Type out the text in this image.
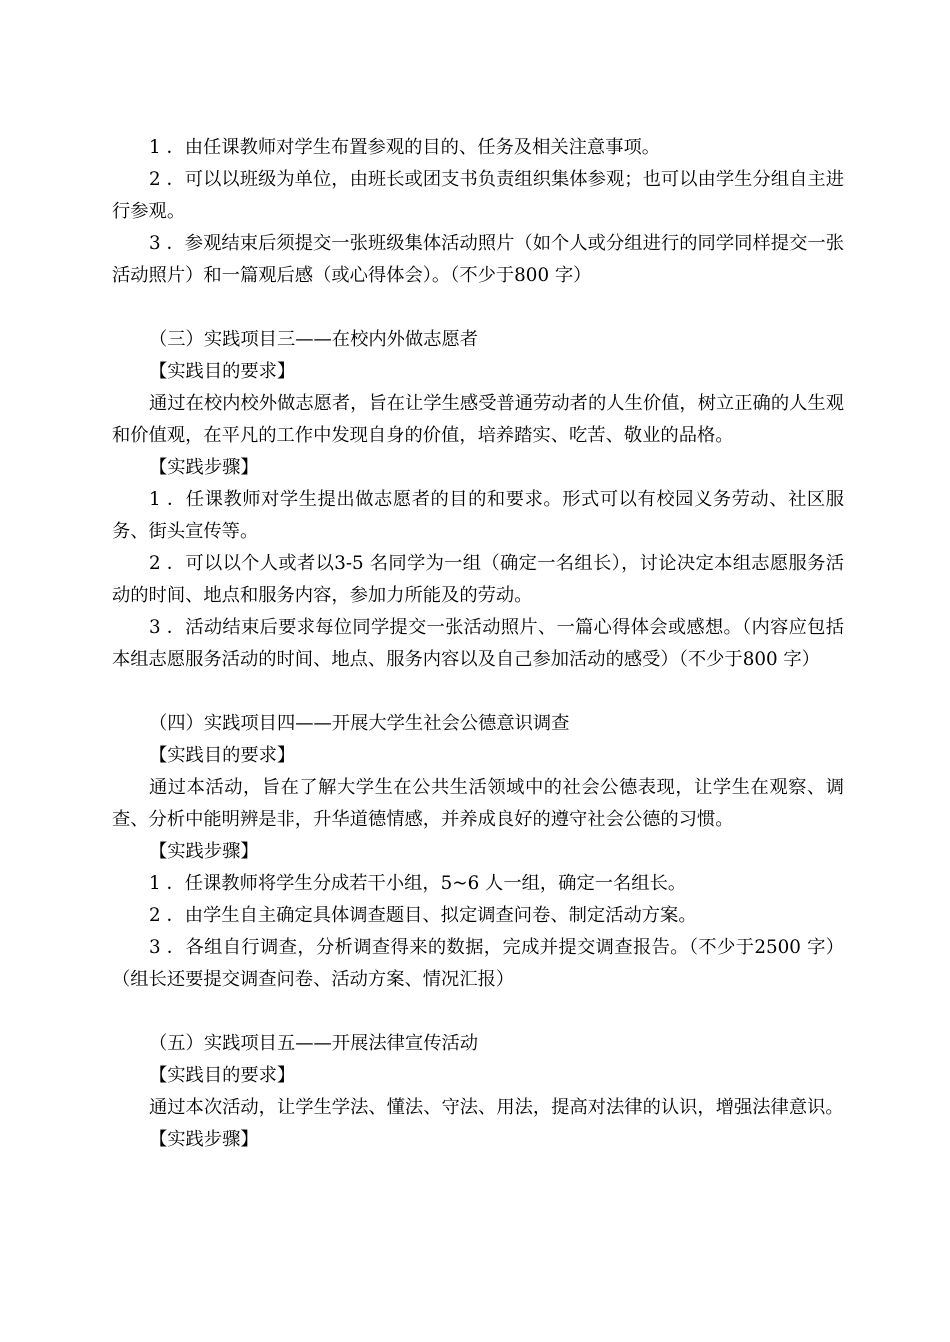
1 ．由任课教师对学生布置参观的目的、任务及相关注意事项。

2 ．可以以班级为单位，由班长或团支书负责组织集体参观；也可以由学生分组自主进行参观。

3 ．参观结束后须提交一张班级集体活动照片（如个人或分组进行的同学同样提交一张活动照片）和一篇观后感（或心得体会）。（不少于800 字）

（三）实践项目三——在校内外做志愿者

【实践目的要求】

通过在校内校外做志愿者，旨在让学生感受普通劳动者的人生价值，树立正确的人生观和价值观，在平凡的工作中发现自身的价值，培养踏实、吃苦、敬业的品格。

【实践步骤】

1 ．任课教师对学生提出做志愿者的目的和要求。形式可以有校园义务劳动、社区服务、街头宣传等。

2 ．可以以个人或者以3-5 名同学为一组（确定一名组长），讨论决定本组志愿服务活动的时间、地点和服务内容，参加力所能及的劳动。

3 ．活动结束后要求每位同学提交一张活动照片、一篇心得体会或感想。（内容应包括本组志愿服务活动的时间、地点、服务内容以及自己参加活动的感受）（不少于800 字）

（四）实践项目四——开展大学生社会公德意识调查

【实践目的要求】

通过本活动，旨在了解大学生在公共生活领域中的社会公德表现，让学生在观察、调查、分析中能明辨是非，升华道德情感，并养成良好的遵守社会公德的习惯。

【实践步骤】

1 ．任课教师将学生分成若干小组，5~6 人一组，确定一名组长。

2 ．由学生自主确定具体调查题目、拟定调查问卷、制定活动方案。

3 ．各组自行调查，分析调查得来的数据，完成并提交调查报告。（不少于2500 字）（组长还要提交调查问卷、活动方案、情况汇报）

（五）实践项目五——开展法律宣传活动

【实践目的要求】

通过本次活动，让学生学法、懂法、守法、用法，提高对法律的认识，增强法律意识。

【实践步骤】
